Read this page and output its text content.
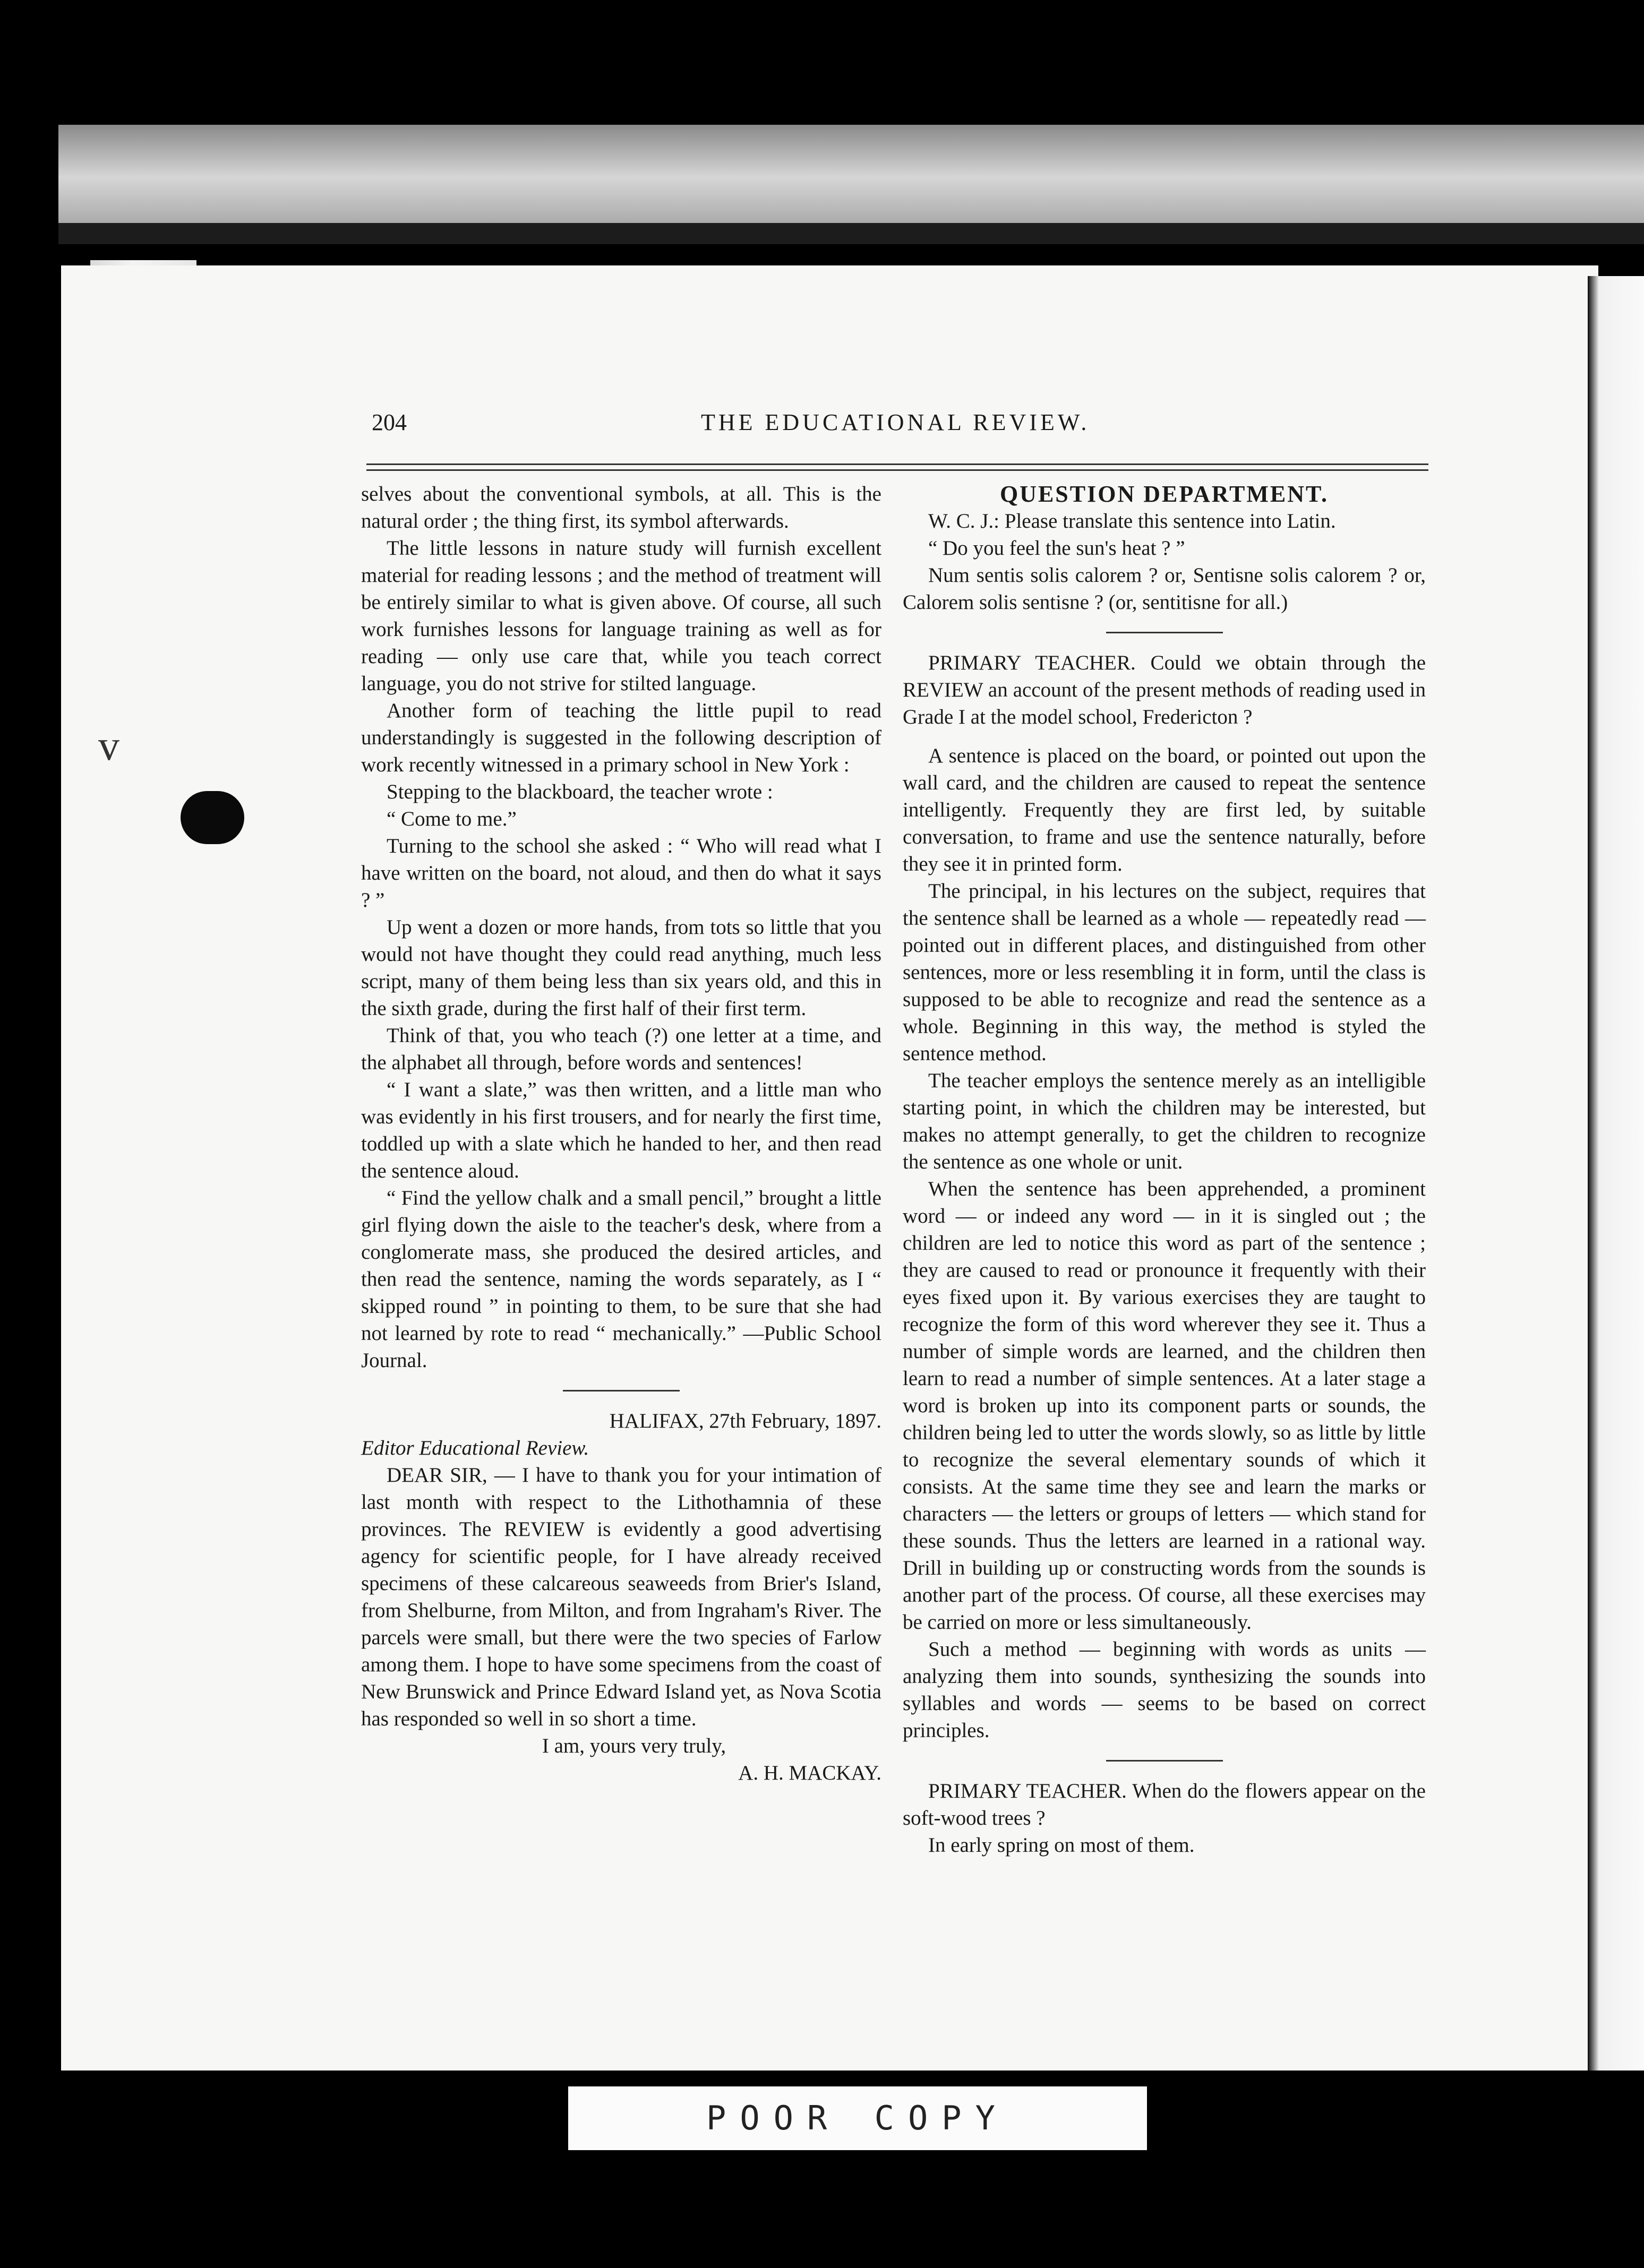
v
204	THE EDUCATIONAL REVIEW.

selves about the conventional symbols, at all. This is the natural order ; the thing first, its symbol afterwards.

The little lessons in nature study will furnish excellent material for reading lessons ; and the method of treatment will be entirely similar to what is given above. Of course, all such work furnishes lessons for language training as well as for reading — only use care that, while you teach correct language, you do not strive for stilted language.

Another form of teaching the little pupil to read understandingly is suggested in the following description of work recently witnessed in a primary school in New York :

Stepping to the blackboard, the teacher wrote :

“ Come to me.”

Turning to the school she asked : “ Who will read what I have written on the board, not aloud, and then do what it says ? ”

Up went a dozen or more hands, from tots so little that you would not have thought they could read anything, much less script, many of them being less than six years old, and this in the sixth grade, during the first half of their first term.

Think of that, you who teach (?) one letter at a time, and the alphabet all through, before words and sentences!

“ I want a slate,” was then written, and a little man who was evidently in his first trousers, and for nearly the first time, toddled up with a slate which he handed to her, and then read the sentence aloud.

“ Find the yellow chalk and a small pencil,” brought a little girl flying down the aisle to the teacher's desk, where from a conglomerate mass, she produced the desired articles, and then read the sentence, naming the words separately, as I “ skipped round ” in pointing to them, to be sure that she had not learned by rote to read “ mechanically.” —Public School Journal.

HALIFAX, 27th February, 1897.

Editor Educational Review.

DEAR SIR, — I have to thank you for your intimation of last month with respect to the Lithothamnia of these provinces. The REVIEW is evidently a good advertising agency for scientific people, for I have already received specimens of these calcareous seaweeds from Brier's Island, from Shelburne, from Milton, and from Ingraham's River. The parcels were small, but there were the two species of Farlow among them. I hope to have some specimens from the coast of New Brunswick and Prince Edward Island yet, as Nova Scotia has responded so well in so short a time.

I am, yours very truly,

A. H. MACKAY.

QUESTION DEPARTMENT.

W. C. J.: Please translate this sentence into Latin.

“ Do you feel the sun's heat ? ”

Num sentis solis calorem ? or, Sentisne solis calorem ? or, Calorem solis sentisne ? (or, sentitisne for all.)

PRIMARY TEACHER. Could we obtain through the REVIEW an account of the present methods of reading used in Grade I at the model school, Fredericton ?

A sentence is placed on the board, or pointed out upon the wall card, and the children are caused to repeat the sentence intelligently. Frequently they are first led, by suitable conversation, to frame and use the sentence naturally, before they see it in printed form.

The principal, in his lectures on the subject, requires that the sentence shall be learned as a whole — repeatedly read — pointed out in different places, and distinguished from other sentences, more or less resembling it in form, until the class is supposed to be able to recognize and read the sentence as a whole. Beginning in this way, the method is styled the sentence method.

The teacher employs the sentence merely as an intelligible starting point, in which the children may be interested, but makes no attempt generally, to get the children to recognize the sentence as one whole or unit.

When the sentence has been apprehended, a prominent word — or indeed any word — in it is singled out ; the children are led to notice this word as part of the sentence ; they are caused to read or pronounce it frequently with their eyes fixed upon it. By various exercises they are taught to recognize the form of this word wherever they see it. Thus a number of simple words are learned, and the children then learn to read a number of simple sentences. At a later stage a word is broken up into its component parts or sounds, the children being led to utter the words slowly, so as little by little to recognize the several elementary sounds of which it consists. At the same time they see and learn the marks or characters — the letters or groups of letters — which stand for these sounds. Thus the letters are learned in a rational way. Drill in building up or constructing words from the sounds is another part of the process. Of course, all these exercises may be carried on more or less simultaneously.

Such a method — beginning with words as units — analyzing them into sounds, synthesizing the sounds into syllables and words — seems to be based on correct principles.

PRIMARY TEACHER. When do the flowers appear on the soft-wood trees ?

In early spring on most of them.

POOR COPY
